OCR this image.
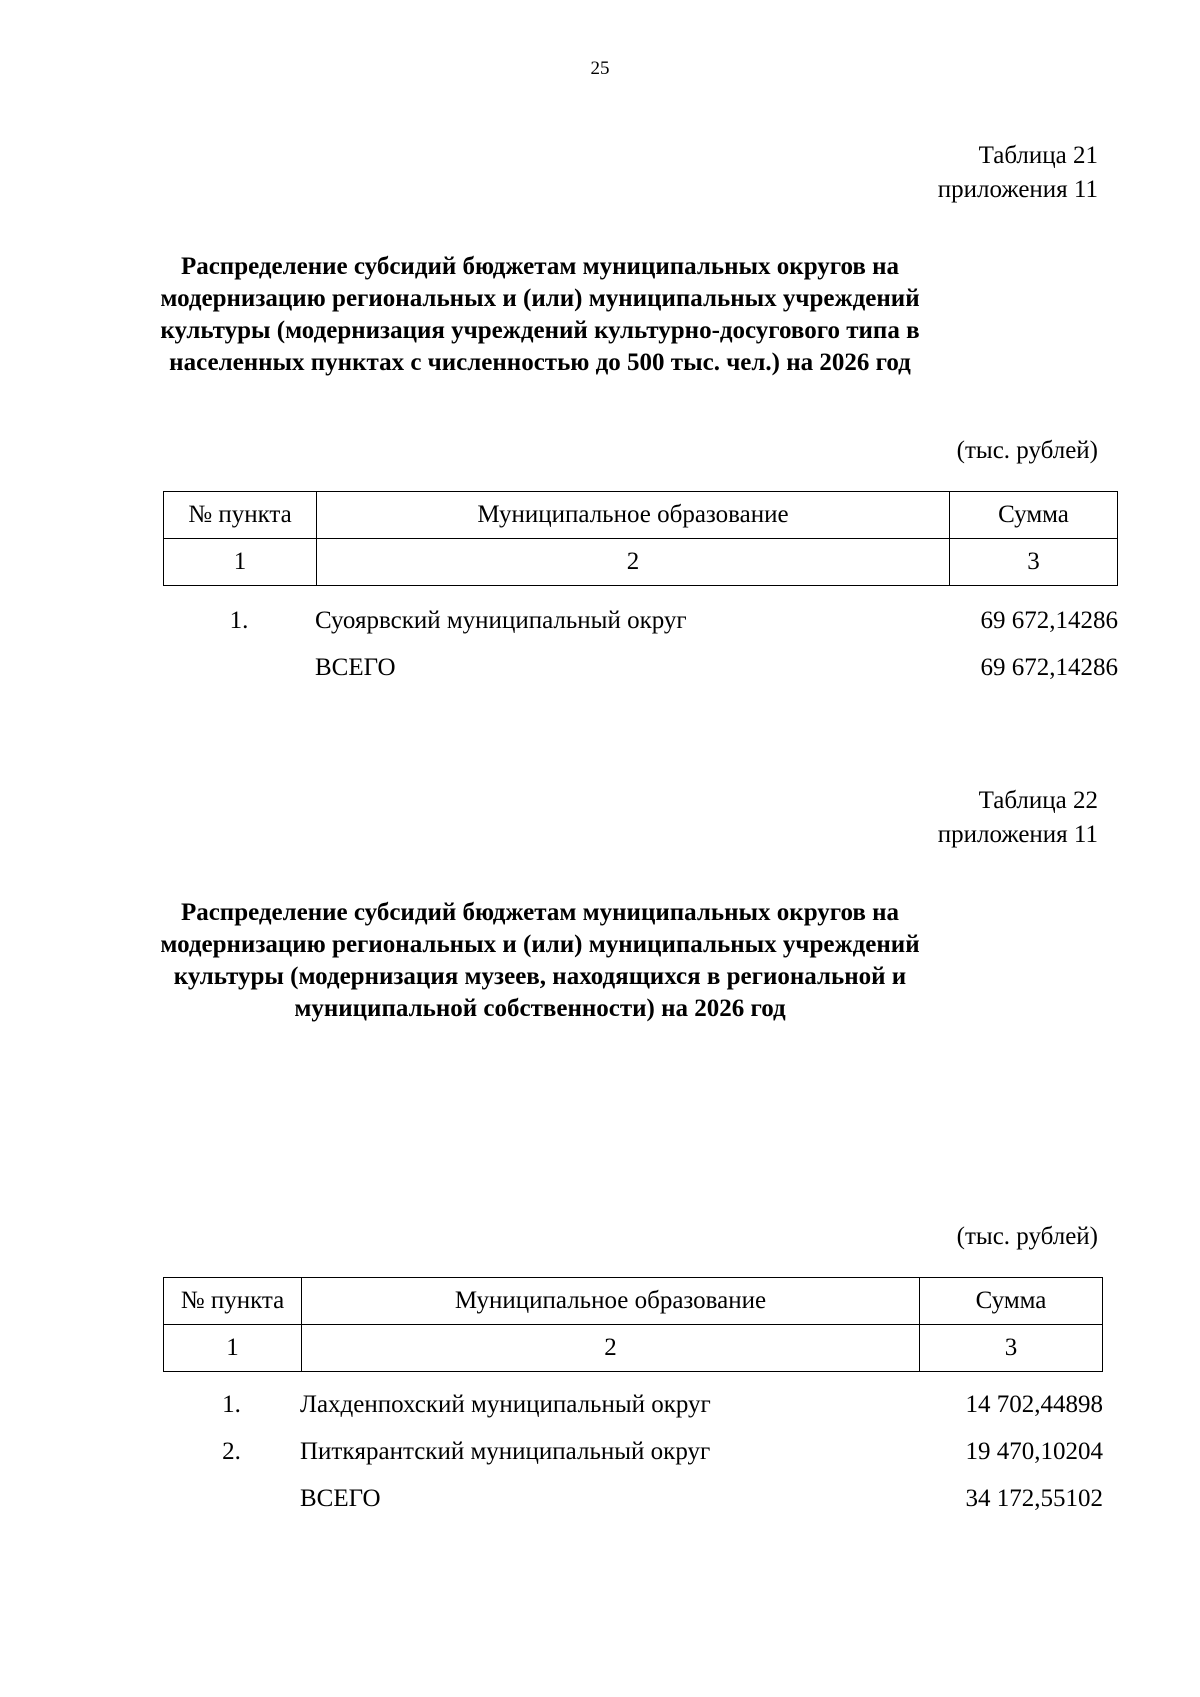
25
Таблица 21
приложения 11
Распределение субсидий бюджетам муниципальных округов на
модернизацию региональных и (или) муниципальных учреждений
культуры (модернизация учреждений культурно-досугового типа в
населенных пунктах с численностью до 500 тыс. чел.) на 2026 год
(тыс. рублей)
№ пункта	Муниципальное образование	Сумма
1	2	3
1.	Суоярвский муниципальный округ	69 672,14286
	ВСЕГО	69 672,14286
Таблица 22
приложения 11
Распределение субсидий бюджетам муниципальных округов на
модернизацию региональных и (или) муниципальных учреждений
культуры (модернизация музеев, находящихся в региональной и
муниципальной собственности) на 2026 год
(тыс. рублей)
№ пункта	Муниципальное образование	Сумма
1	2	3
1.	Лахденпохский муниципальный округ	14 702,44898
2.	Питкярантский муниципальный округ	19 470,10204
	ВСЕГО	34 172,55102
